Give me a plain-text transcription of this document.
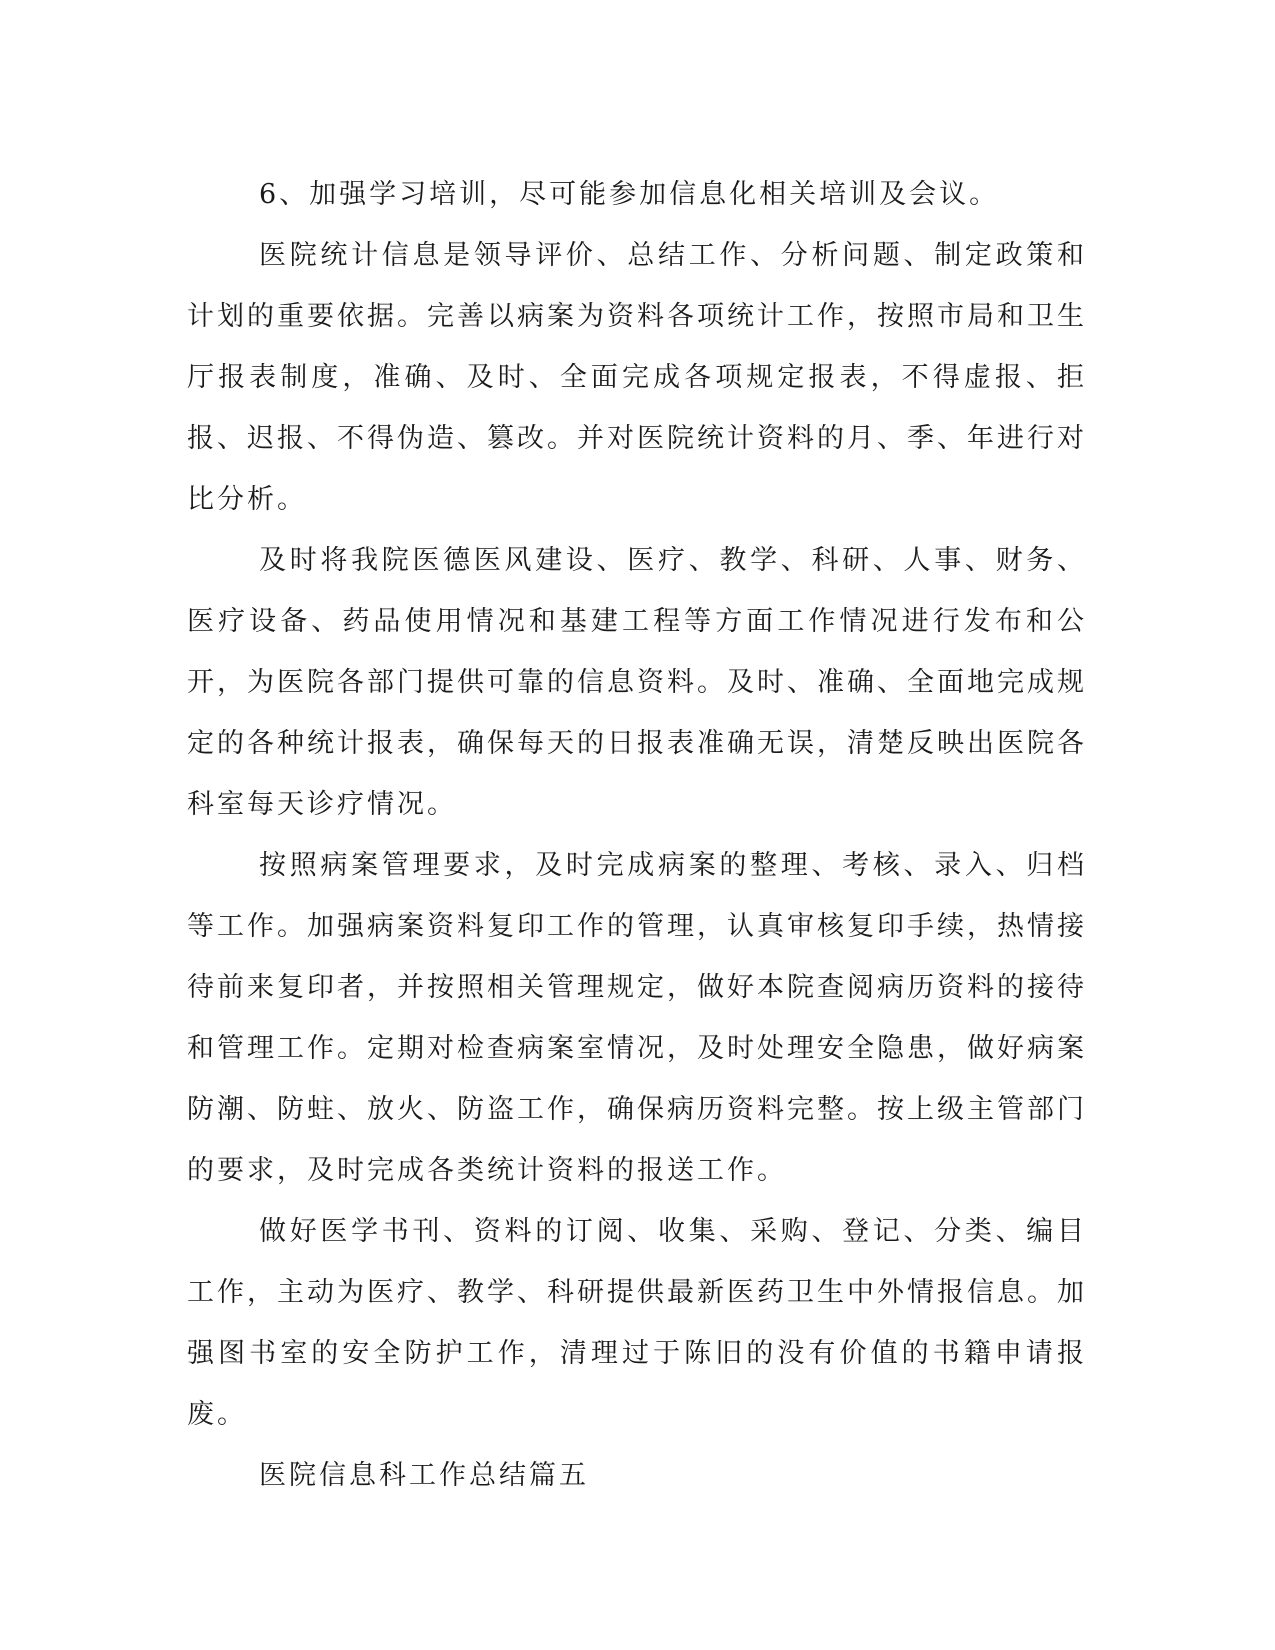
6、加强学习培训，尽可能参加信息化相关培训及会议。

医院统计信息是领导评价、总结工作、分析问题、制定政策和计划的重要依据。完善以病案为资料各项统计工作，按照市局和卫生厅报表制度，准确、及时、全面完成各项规定报表，不得虚报、拒报、迟报、不得伪造、篡改。并对医院统计资料的月、季、年进行对比分析。

及时将我院医德医风建设、医疗、教学、科研、人事、财务、医疗设备、药品使用情况和基建工程等方面工作情况进行发布和公开，为医院各部门提供可靠的信息资料。及时、准确、全面地完成规定的各种统计报表，确保每天的日报表准确无误，清楚反映出医院各科室每天诊疗情况。

按照病案管理要求，及时完成病案的整理、考核、录入、归档等工作。加强病案资料复印工作的管理，认真审核复印手续，热情接待前来复印者，并按照相关管理规定，做好本院查阅病历资料的接待和管理工作。定期对检查病案室情况，及时处理安全隐患，做好病案防潮、防蛀、放火、防盗工作，确保病历资料完整。按上级主管部门的要求，及时完成各类统计资料的报送工作。

做好医学书刊、资料的订阅、收集、采购、登记、分类、编目工作，主动为医疗、教学、科研提供最新医药卫生中外情报信息。加强图书室的安全防护工作，清理过于陈旧的没有价值的书籍申请报废。

医院信息科工作总结篇五
